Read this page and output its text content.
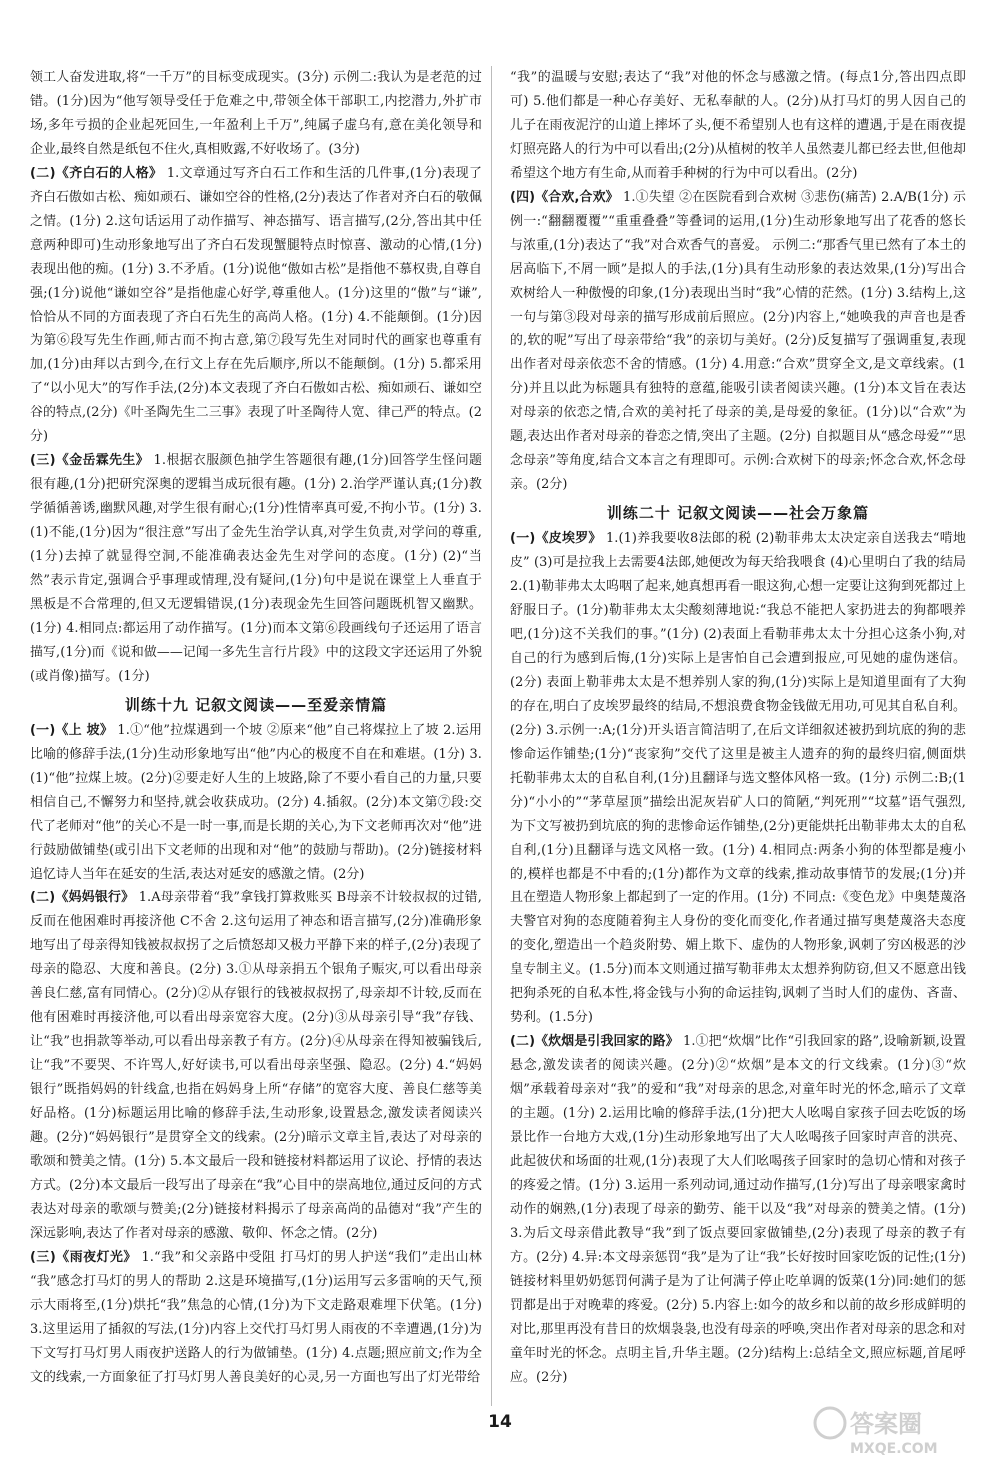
领工人奋发进取,将“一千万”的目标变成现实。(3分) 示例二:我认为是老范的过错。(1分)因为“他写领导受任于危难之中,带领全体干部职工,内挖潜力,外扩市场,多年亏损的企业起死回生,一年盈利上千万”,纯属子虚乌有,意在美化领导和企业,最终自然是纸包不住火,真相败露,不好收场了。(3分)

(二)《齐白石的人格》 1.文章通过写齐白石工作和生活的几件事,(1分)表现了齐白石傲如古松、痴如顽石、谦如空谷的性格,(2分)表达了作者对齐白石的敬佩之情。(1分) 2.这句话运用了动作描写、神态描写、语言描写,(2分,答出其中任意两种即可)生动形象地写出了齐白石发现蟹腿特点时惊喜、激动的心情,(1分)表现出他的痴。(1分) 3.不矛盾。(1分)说他“傲如古松”是指他不慕权贵,自尊自强;(1分)说他“谦如空谷”是指他虚心好学,尊重他人。(1分)这里的“傲”与“谦”,恰恰从不同的方面表现了齐白石先生的高尚人格。(1分) 4.不能颠倒。(1分)因为第⑥段写先生作画,师古而不拘古意,第⑦段写先生对同时代的画家也尊重有加,(1分)由拜以古到今,在行文上存在先后顺序,所以不能颠倒。(1分) 5.都采用了“以小见大”的写作手法,(2分)本文表现了齐白石傲如古松、痴如顽石、谦如空谷的特点,(2分)《叶圣陶先生二三事》表现了叶圣陶待人宽、律己严的特点。(2分)

(三)《金岳霖先生》 1.根据衣服颜色抽学生答题很有趣,(1分)回答学生怪问题很有趣,(1分)把研究深奥的逻辑当成玩很有趣。(1分) 2.治学严谨认真;(1分)教学循循善诱,幽默风趣,对学生很有耐心;(1分)性情率真可爱,不拘小节。(1分) 3.(1)不能,(1分)因为“很注意”写出了金先生治学认真,对学生负责,对学问的尊重,(1分)去掉了就显得空洞,不能准确表达金先生对学问的态度。(1分) (2)“当然”表示肯定,强调合乎事理或情理,没有疑问,(1分)句中是说在课堂上人垂直于黑板是不合常理的,但又无逻辑错误,(1分)表现金先生回答问题既机智又幽默。(1分) 4.相同点:都运用了动作描写。(1分)而本文第⑥段画线句子还运用了语言描写,(1分)而《说和做——记闻一多先生言行片段》中的这段文字还运用了外貌(或肖像)描写。(1分)

训练十九 记叙文阅读——至爱亲情篇

(一)《上 坡》 1.①“他”拉煤遇到一个坡 ②原来“他”自己将煤拉上了坡 2.运用比喻的修辞手法,(1分)生动形象地写出“他”内心的极度不自在和难堪。(1分) 3.(1)“他”拉煤上坡。(2分)②要走好人生的上坡路,除了不要小看自己的力量,只要相信自己,不懈努力和坚持,就会收获成功。(2分) 4.插叙。(2分)本文第⑦段:交代了老师对“他”的关心不是一时一事,而是长期的关心,为下文老师再次对“他”进行鼓励做铺垫(或引出下文老师的出现和对“他”的鼓励与帮助)。(2分)链接材料追忆诗人当年在延安的生活,表达对延安的感激之情。(2分)

(二)《妈妈银行》 1.A母亲带着“我”拿钱打算救账买 B母亲不计较叔叔的过错,反而在他困难时再接济他 C不舍 2.这句运用了神态和语言描写,(2分)准确形象地写出了母亲得知钱被叔叔拐了之后愤怒却又极力平静下来的样子,(2分)表现了母亲的隐忍、大度和善良。(2分) 3.①从母亲捐五个银角子赈灾,可以看出母亲善良仁慈,富有同情心。(2分)②从存银行的钱被叔叔拐了,母亲却不计较,反而在他有困难时再接济他,可以看出母亲宽容大度。(2分)③从母亲引导“我”存钱、让“我”也捐款等举动,可以看出母亲教子有方。(2分)④从母亲在得知被骗钱后,让“我”不要哭、不许骂人,好好读书,可以看出母亲坚强、隐忍。(2分) 4.“妈妈银行”既指妈妈的针线盒,也指在妈妈身上所“存储”的宽容大度、善良仁慈等美好品格。(1分)标题运用比喻的修辞手法,生动形象,设置悬念,激发读者阅读兴趣。(2分)“妈妈银行”是贯穿全文的线索。(2分)暗示文章主旨,表达了对母亲的歌颂和赞美之情。(1分) 5.本文最后一段和链接材料都运用了议论、抒情的表达方式。(2分)本文最后一段写出了母亲在“我”心目中的崇高地位,通过反问的方式表达对母亲的歌颂与赞美;(2分)链接材料揭示了母亲高尚的品德对“我”产生的深远影响,表达了作者对母亲的感激、敬仰、怀念之情。(2分)

(三)《雨夜灯光》 1.“我”和父亲路中受阻 打马灯的男人护送“我们”走出山林 “我”感念打马灯的男人的帮助 2.这是环境描写,(1分)运用写云多雷响的天气,预示大雨将至,(1分)烘托“我”焦急的心情,(1分)为下文走路艰难埋下伏笔。(1分) 3.这里运用了插叙的写法,(1分)内容上交代打马灯男人雨夜的不幸遭遇,(1分)为下文写打马灯男人雨夜护送路人的行为做铺垫。(1分) 4.点题;照应前文;作为全文的线索,一方面象征了打马灯男人善良美好的心灵,另一方面也写出了灯光带给

“我”的温暖与安慰;表达了“我”对他的怀念与感激之情。(每点1分,答出四点即可) 5.他们都是一种心存美好、无私奉献的人。(2分)从打马灯的男人因自己的儿子在雨夜泥泞的山道上摔坏了头,便不希望别人也有这样的遭遇,于是在雨夜提灯照亮路人的行为中可以看出;(2分)从植树的牧羊人虽然妻儿都已经去世,但他却希望这个地方有生命,从而着手种树的行为中可以看出。(2分)

(四)《合欢,合欢》 1.①失望 ②在医院看到合欢树 ③悲伤(痛苦) 2.A/B(1分) 示例一:“翻翻覆覆”“重重叠叠”等叠词的运用,(1分)生动形象地写出了花香的悠长与浓重,(1分)表达了“我”对合欢香气的喜爱。 示例二:“那香气里已然有了本土的居高临下,不屑一顾”是拟人的手法,(1分)具有生动形象的表达效果,(1分)写出合欢树给人一种傲慢的印象,(1分)表现出当时“我”心情的茫然。(1分) 3.结构上,这一句与第③段对母亲的描写形成前后照应。(2分)内容上,“她唤我的声音也是香的,软的呢”写出了母亲带给“我”的亲切与美好。(2分)反复描写了强调重复,表现出作者对母亲依恋不舍的情感。(1分) 4.用意:“合欢”贯穿全文,是文章线索。(1分)并且以此为标题具有独特的意蕴,能吸引读者阅读兴趣。(1分)本文旨在表达对母亲的依恋之情,合欢的美衬托了母亲的美,是母爱的象征。(1分)以“合欢”为题,表达出作者对母亲的眷恋之情,突出了主题。(2分) 自拟题目从“感念母爱”“思念母亲”等角度,结合文本言之有理即可。示例:合欢树下的母亲;怀念合欢,怀念母亲。(2分)

训练二十 记叙文阅读——社会万象篇

(一)《皮埃罗》 1.(1)养我要收8法郎的税 (2)勒菲弗太太决定亲自送我去“啃地皮” (3)可是拉我上去需要4法郎,她便改为每天给我喂食 (4)心里明白了我的结局 2.(1)勒菲弗太太呜咽了起来,她真想再看一眼这狗,心想一定要让这狗到死都过上舒服日子。(1分)勒菲弗太太尖酸刻薄地说:“我总不能把人家扔进去的狗都喂养吧,(1分)这不关我们的事。”(1分) (2)表面上看勒菲弗太太十分担心这条小狗,对自己的行为感到后悔,(1分)实际上是害怕自己会遭到报应,可见她的虚伪迷信。(2分) 表面上勒菲弗太太是不想养别人家的狗,(1分)实际上是知道里面有了大狗的存在,明白了皮埃罗最终的结局,不想浪费食物金钱做无用功,可见其自私自利。(2分) 3.示例一:A;(1分)开头语言简洁明了,在后文详细叙述被扔到坑底的狗的悲惨命运作铺垫;(1分)“丧家狗”交代了这里是被主人遗弃的狗的最终归宿,侧面烘托勒菲弗太太的自私自利,(1分)且翻译与选文整体风格一致。(1分) 示例二:B;(1分)“小小的”“茅草屋顶”描绘出泥灰岩矿人口的简陋,“判死刑”“坟墓”语气强烈,为下文写被扔到坑底的狗的悲惨命运作铺垫,(2分)更能烘托出勒菲弗太太的自私自利,(1分)且翻译与选文风格一致。(1分) 4.相同点:两条小狗的体型都是瘦小的,模样也都是不中看的;(1分)都作为文章的线索,推动故事情节的发展;(1分)并且在塑造人物形象上都起到了一定的作用。(1分) 不同点:《变色龙》中奥楚蔑洛夫警官对狗的态度随着狗主人身份的变化而变化,作者通过描写奥楚蔑洛夫态度的变化,塑造出一个趋炎附势、媚上欺下、虚伪的人物形象,讽刺了穷凶极恶的沙皇专制主义。(1.5分)而本文则通过描写勒菲弗太太想养狗防窃,但又不愿意出钱把狗杀死的自私本性,将金钱与小狗的命运挂钩,讽刺了当时人们的虚伪、吝啬、势利。(1.5分)

(二)《炊烟是引我回家的路》 1.①把“炊烟”比作“引我回家的路”,设喻新颖,设置悬念,激发读者的阅读兴趣。(2分)②“炊烟”是本文的行文线索。(1分)③“炊烟”承载着母亲对“我”的爱和“我”对母亲的思念,对童年时光的怀念,暗示了文章的主题。(1分) 2.运用比喻的修辞手法,(1分)把大人吆喝自家孩子回去吃饭的场景比作一台地方大戏,(1分)生动形象地写出了大人吆喝孩子回家时声音的洪亮、此起彼伏和场面的壮观,(1分)表现了大人们吆喝孩子回家时的急切心情和对孩子的疼爱之情。(1分) 3.运用一系列动词,通过动作描写,(1分)写出了母亲喂家禽时动作的娴熟,(1分)表现了母亲的勤劳、能干以及“我”对母亲的赞美之情。(1分) 3.为后文母亲借此教导“我”到了饭点要回家做铺垫,(2分)表现了母亲的教子有方。(2分) 4.异:本文母亲惩罚“我”是为了让“我”长好按时回家吃饭的记性;(1分)链接材料里奶奶惩罚何满子是为了让何满子停止吃单调的饭菜(1分)同:她们的惩罚都是出于对晚辈的疼爱。(2分) 5.内容上:如今的故乡和以前的故乡形成鲜明的对比,那里再没有昔日的炊烟袅袅,也没有母亲的呼唤,突出作者对母亲的思念和对童年时光的怀念。点明主旨,升华主题。(2分)结构上:总结全文,照应标题,首尾呼应。(2分)

14	答案圈
MXQE.COM
